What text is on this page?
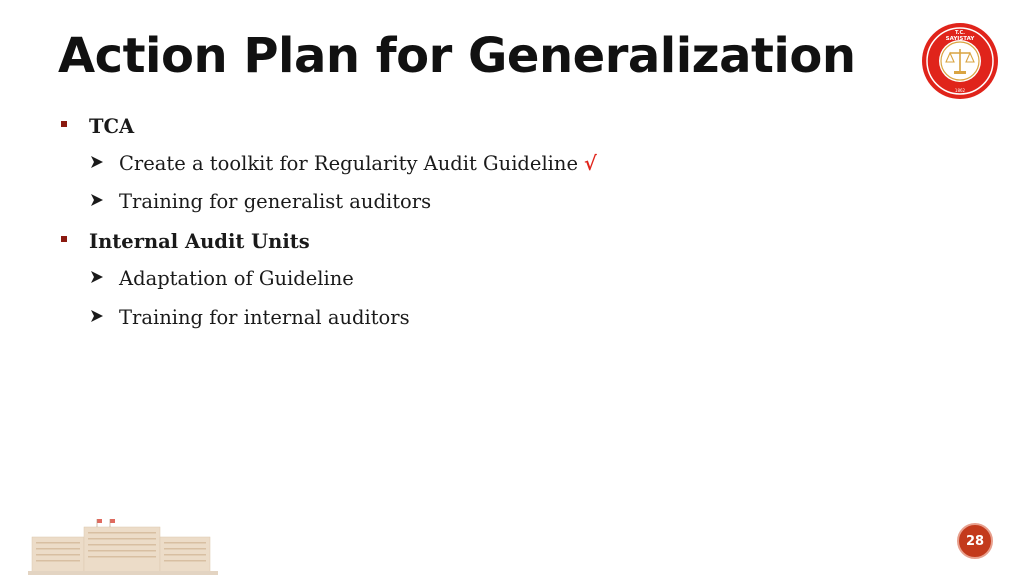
Action Plan for Generalization	T.C.
SAYIŞTAY
1862
TCA
Create a toolkit for Regularity Audit Guideline √
Training for generalist auditors
Internal Audit Units
Adaptation of Guideline
Training for internal auditors
28
